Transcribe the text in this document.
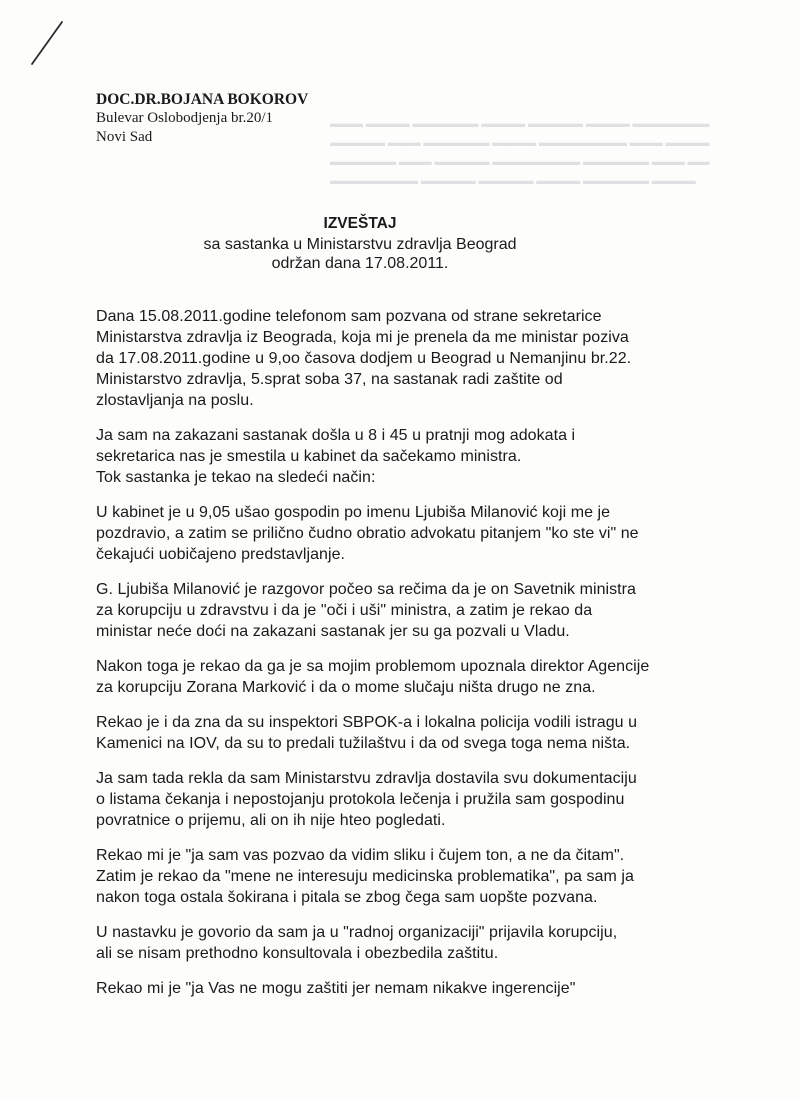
▬▬▬ ▬▬▬▬ ▬▬▬▬▬▬ ▬▬▬▬ ▬▬▬▬▬ ▬▬▬▬ ▬▬▬▬▬▬▬
▬▬▬▬▬ ▬▬▬ ▬▬▬▬▬▬ ▬▬▬▬ ▬▬▬▬▬▬▬▬ ▬▬▬ ▬▬▬▬
▬▬▬▬▬▬ ▬▬▬ ▬▬▬▬▬ ▬▬▬▬▬▬▬▬ ▬▬▬▬▬▬ ▬▬▬ ▬▬
▬▬▬▬▬▬▬▬ ▬▬▬▬▬ ▬▬▬▬▬ ▬▬▬▬ ▬▬▬▬▬▬ ▬▬▬▬

DOC.DR.BOJANA BOKOROV
Bulevar Oslobodjenja br.20/1
Novi Sad
IZVEŠTAJ
sa sastanka u Ministarstvu zdravlja Beograd
održan dana 17.08.2011.

Dana 15.08.2011.godine telefonom sam pozvana od strane sekretarice
Ministarstva zdravlja iz Beograda, koja mi je prenela da me ministar poziva
da 17.08.2011.godine u 9,oo časova dodjem u Beograd u Nemanjinu br.22.
Ministarstvo zdravlja, 5.sprat soba 37, na sastanak radi zaštite od
zlostavljanja na poslu.

Ja sam na zakazani sastanak došla u 8 i 45 u pratnji mog adokata i
sekretarica nas je smestila u kabinet da sačekamo ministra.
Tok sastanka je tekao na sledeći način:

U kabinet je u 9,05 ušao gospodin po imenu Ljubiša Milanović koji me je
pozdravio, a zatim se prilično čudno obratio advokatu pitanjem "ko ste vi" ne
čekajući uobičajeno predstavljanje.

G. Ljubiša Milanović je razgovor počeo sa rečima da je on Savetnik ministra
za korupciju u zdravstvu i da je "oči i uši" ministra, a zatim je rekao da
ministar neće doći na zakazani sastanak jer su ga pozvali u Vladu.

Nakon toga je rekao da ga je sa mojim problemom upoznala direktor Agencije
za korupciju Zorana Marković i da o mome slučaju ništa drugo ne zna.

Rekao je i da zna da su inspektori SBPOK-a i lokalna policija vodili istragu u
Kamenici na IOV, da su to predali tužilaštvu i da od svega toga nema ništa.

Ja sam tada rekla da sam Ministarstvu zdravlja dostavila svu dokumentaciju
o listama čekanja i nepostojanju protokola lečenja i pružila sam gospodinu
povratnice o prijemu, ali on ih nije hteo pogledati.

Rekao mi je "ja sam vas pozvao da vidim sliku i čujem ton, a ne da čitam".
Zatim je rekao da "mene ne interesuju medicinska problematika", pa sam ja
nakon toga ostala šokirana i pitala se zbog čega sam uopšte pozvana.

U nastavku je govorio da sam ja u "radnoj organizaciji" prijavila korupciju,
ali se nisam prethodno konsultovala i obezbedila zaštitu.

Rekao mi je "ja Vas ne mogu zaštiti jer nemam nikakve ingerencije"
